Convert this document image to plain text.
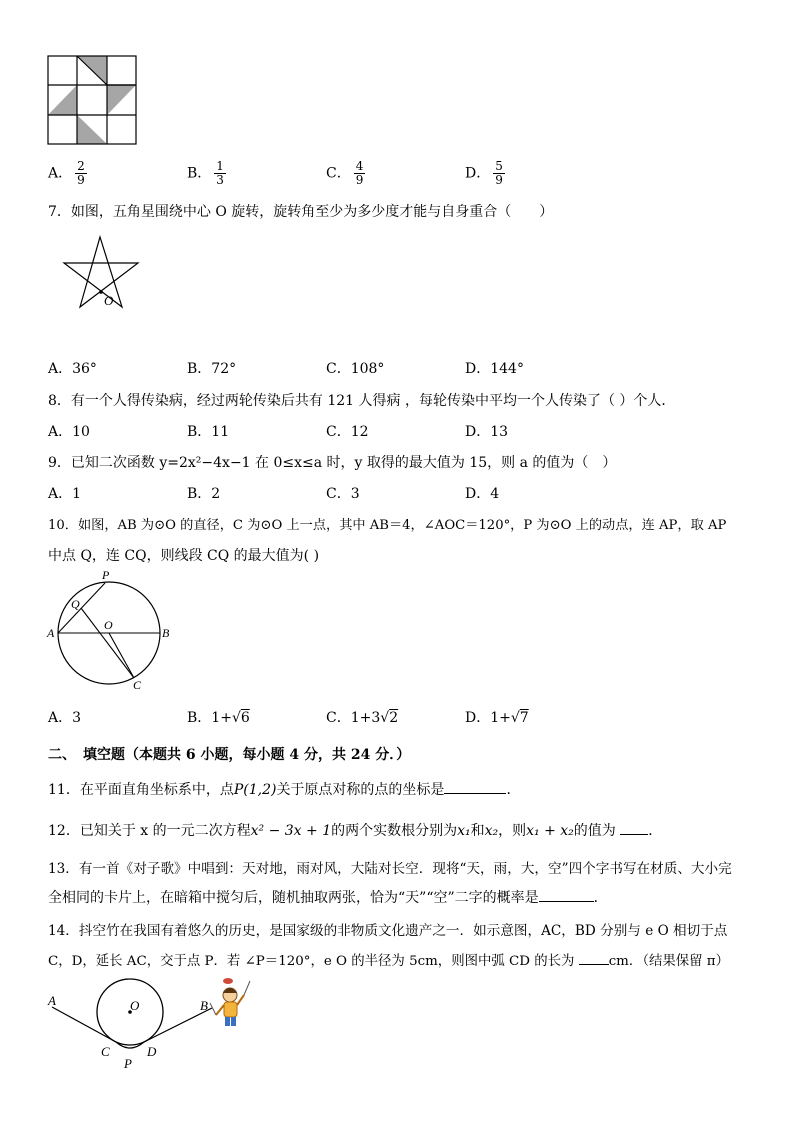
A． $\frac{2}{9}$	B． $\frac{1}{3}$	C． $\frac{4}{9}$	D． $\frac{5}{9}$
7．如图，五角星围绕中心 O 旋转，旋转角至少为多少度才能与自身重合（　　）
O
A．36°	B．72°	C．108°	D．144°
8．有一个人得传染病，经过两轮传染后共有 121 人得病 ，每轮传染中平均一个人传染了（ ）个人．
A．10	B．11	C．12	D．13
9．已知二次函数 y=2x²−4x−1 在 0≤x≤a 时，y 取得的最大值为 15，则 a 的值为（　）
A．1	B．2	C．3	D．4
10．如图，AB 为⊙O 的直径，C 为⊙O 上一点，其中 AB＝4，∠AOC＝120°，P 为⊙O 上的动点，连 AP，取 AP
中点 Q，连 CQ，则线段 CQ 的最大值为( )
P
Q
O
A	B
C
A．3	B．1+√6	C．1+3√2	D．1+√7
二、　填空题（本题共 6 小题，每小题 4 分，共 24 分．）
11．在平面直角坐标系中，点P(1,2)关于原点对称的点的坐标是	．
12．已知关于 x 的一元二次方程x² − 3x + 1的两个实数根分别为x₁和x₂，则x₁ + x₂的值为 ．
13．有一首《对子歌》中唱到：天对地，雨对风，大陆对长空．现将“天，雨，大，空”四个字书写在材质、大小完
全相同的卡片上，在暗箱中搅匀后，随机抽取两张，恰为“天”“空”二字的概率是	．
14．抖空竹在我国有着悠久的历史，是国家级的非物质文化遗产之一．如示意图，AC，BD 分别与 e O 相切于点
C，D，延长 AC，交于点 P．若 ∠P＝120°，e O 的半径为 5cm，则图中弧 CD 的长为	cm．（结果保留 π）
A	O	B
C	D
P
